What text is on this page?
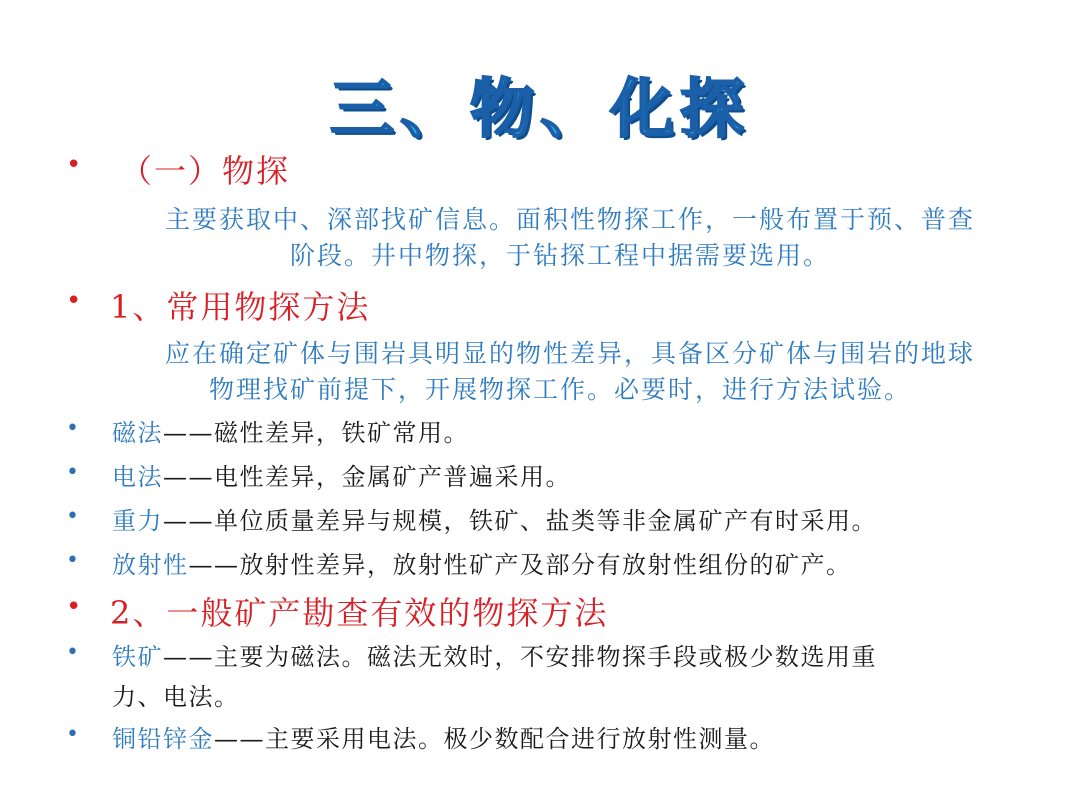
三、物、化探
• （一）物探
主要获取中、深部找矿信息。面积性物探工作，一般布置于预、普查
阶段。井中物探，于钻探工程中据需要选用。
• 1、常用物探方法
应在确定矿体与围岩具明显的物性差异，具备区分矿体与围岩的地球
物理找矿前提下，开展物探工作。必要时，进行方法试验。
• 磁法——磁性差异，铁矿常用。
• 电法——电性差异，金属矿产普遍采用。
• 重力——单位质量差异与规模，铁矿、盐类等非金属矿产有时采用。
• 放射性——放射性差异，放射性矿产及部分有放射性组份的矿产。
• 2、一般矿产勘查有效的物探方法
• 铁矿——主要为磁法。磁法无效时，不安排物探手段或极少数选用重
力、电法。
• 铜铅锌金——主要采用电法。极少数配合进行放射性测量。
